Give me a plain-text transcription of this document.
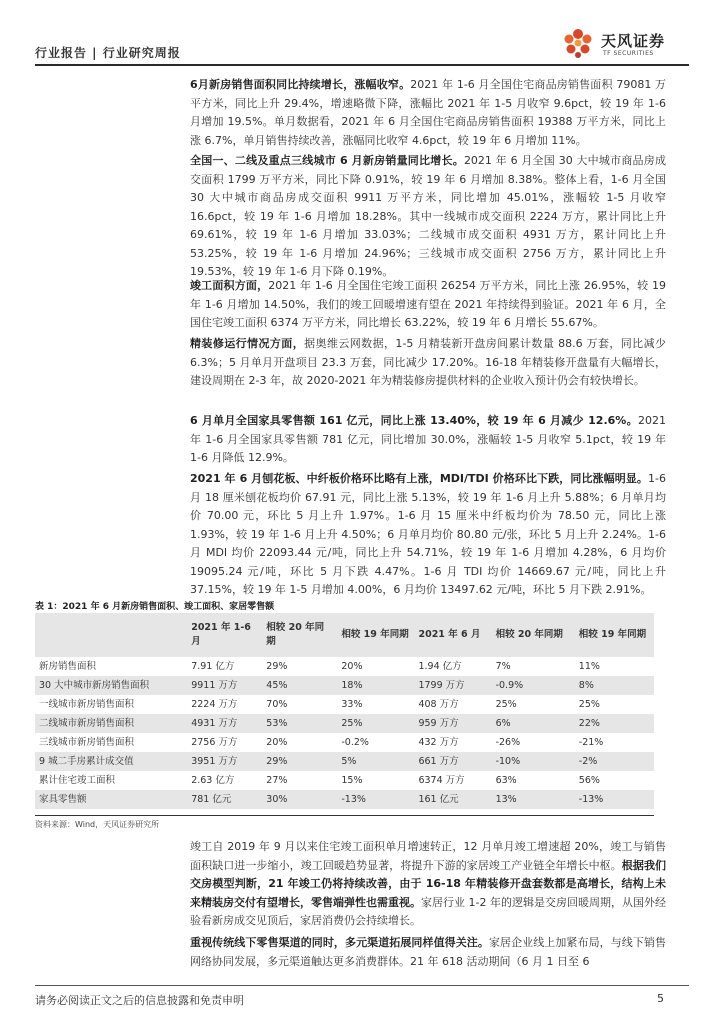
行业报告 | 行业研究周报
天风证券
TF SECURITIES

6月新房销售面积同比持续增长，涨幅收窄。2021 年 1-6 月全国住宅商品房销售面积 79081 万平方米，同比上升 29.4%，增速略微下降，涨幅比 2021 年 1-5 月收窄 9.6pct，较 19 年 1-6 月增加 19.5%。单月数据看，2021 年 6 月全国住宅商品房销售面积 19388 万平方米，同比上涨 6.7%，单月销售持续改善，涨幅同比收窄 4.6pct，较 19 年 6 月增加 11%。

全国一、二线及重点三线城市 6 月新房销量同比增长。2021 年 6 月全国 30 大中城市商品房成交面积 1799 万平方米，同比下降 0.91%，较 19 年 6 月增加 8.38%。整体上看，1-6 月全国 30 大中城市商品房成交面积 9911 万平方米，同比增加 45.01%，涨幅较 1-5 月收窄 16.6pct，较 19 年 1-6 月增加 18.28%。其中一线城市成交面积 2224 万方，累计同比上升 69.61%，较 19 年 1-6 月增加 33.03%；二线城市成交面积 4931 万方，累计同比上升 53.25%，较 19 年 1-6 月增加 24.96%；三线城市成交面积 2756 万方，累计同比上升 19.53%，较 19 年 1-6 月下降 0.19%。

竣工面积方面，2021 年 1-6 月全国住宅竣工面积 26254 万平方米，同比上涨 26.95%，较 19 年 1-6 月增加 14.50%，我们的竣工回暖增速有望在 2021 年持续得到验证。2021 年 6 月，全国住宅竣工面积 6374 万平方米，同比增长 63.22%，较 19 年 6 月增长 55.67%。

精装修运行情况方面，据奥维云网数据，1-5 月精装新开盘房间累计数量 88.6 万套，同比减少 6.3%；5 月单月开盘项目 23.3 万套，同比减少 17.20%。16-18 年精装修开盘量有大幅增长，建设周期在 2-3 年，故 2020-2021 年为精装修房提供材料的企业收入预计仍会有较快增长。

6 月单月全国家具零售额 161 亿元，同比上涨 13.40%，较 19 年 6 月减少 12.6%。2021 年 1-6 月全国家具零售额 781 亿元，同比增加 30.0%，涨幅较 1-5 月收窄 5.1pct，较 19 年 1-6 月降低 12.9%。

2021 年 6 月刨花板、中纤板价格环比略有上涨，MDI/TDI 价格环比下跌，同比涨幅明显。1-6 月 18 厘米刨花板均价 67.91 元，同比上涨 5.13%，较 19 年 1-6 月上升 5.88%；6 月单月均价 70.00 元，环比 5 月上升 1.97%。1-6 月 15 厘米中纤板均价为 78.50 元，同比上涨 1.93%，较 19 年 1-6 月上升 4.50%；6 月单月均价 80.80 元/张，环比 5 月上升 2.24%。1-6 月 MDI 均价 22093.44 元/吨，同比上升 54.71%，较 19 年 1-6 月增加 4.28%，6 月均价 19095.24 元/吨，环比 5 月下跌 4.47%。1-6 月 TDI 均价 14669.67 元/吨，同比上升 37.15%，较 19 年 1-5 月增加 4.00%，6 月均价 13497.62 元/吨，环比 5 月下跌 2.91%。

表 1：2021 年 6 月新房销售面积、竣工面积、家居零售额
	2021 年 1-6 月	相较 20 年同期	相较 19 年同期	2021 年 6 月	相较 20 年同期	相较 19 年同期
新房销售面积	7.91 亿方	29%	20%	1.94 亿方	7%	11%
30 大中城市新房销售面积	9911 万方	45%	18%	1799 万方	-0.9%	8%
一线城市新房销售面积	2224 万方	70%	33%	408 万方	25%	25%
二线城市新房销售面积	4931 万方	53%	25%	959 万方	6%	22%
三线城市新房销售面积	2756 万方	20%	-0.2%	432 万方	-26%	-21%
9 城二手房累计成交值	3951 万方	29%	5%	661 万方	-10%	-2%
累计住宅竣工面积	2.63 亿方	27%	15%	6374 万方	63%	56%
家具零售额	781 亿元	30%	-13%	161 亿元	13%	-13%
资料来源：Wind，天风证券研究所

竣工自 2019 年 9 月以来住宅竣工面积单月增速转正，12 月单月竣工增速超 20%，竣工与销售面积缺口进一步缩小，竣工回暖趋势显著，将提升下游的家居竣工产业链全年增长中枢。根据我们交房模型判断，21 年竣工仍将持续改善，由于 16-18 年精装修开盘套数都是高增长，结构上未来精装房交付有望增长，零售端弹性也需重视。家居行业 1-2 年的逻辑是交房回暖周期，从国外经验看新房成交见顶后，家居消费仍会持续增长。

重视传统线下零售渠道的同时，多元渠道拓展同样值得关注。家居企业线上加紧布局，与线下销售网络协同发展，多元渠道触达更多消费群体。21 年 618 活动期间（6 月 1 日至 6

请务必阅读正文之后的信息披露和免责申明	5
